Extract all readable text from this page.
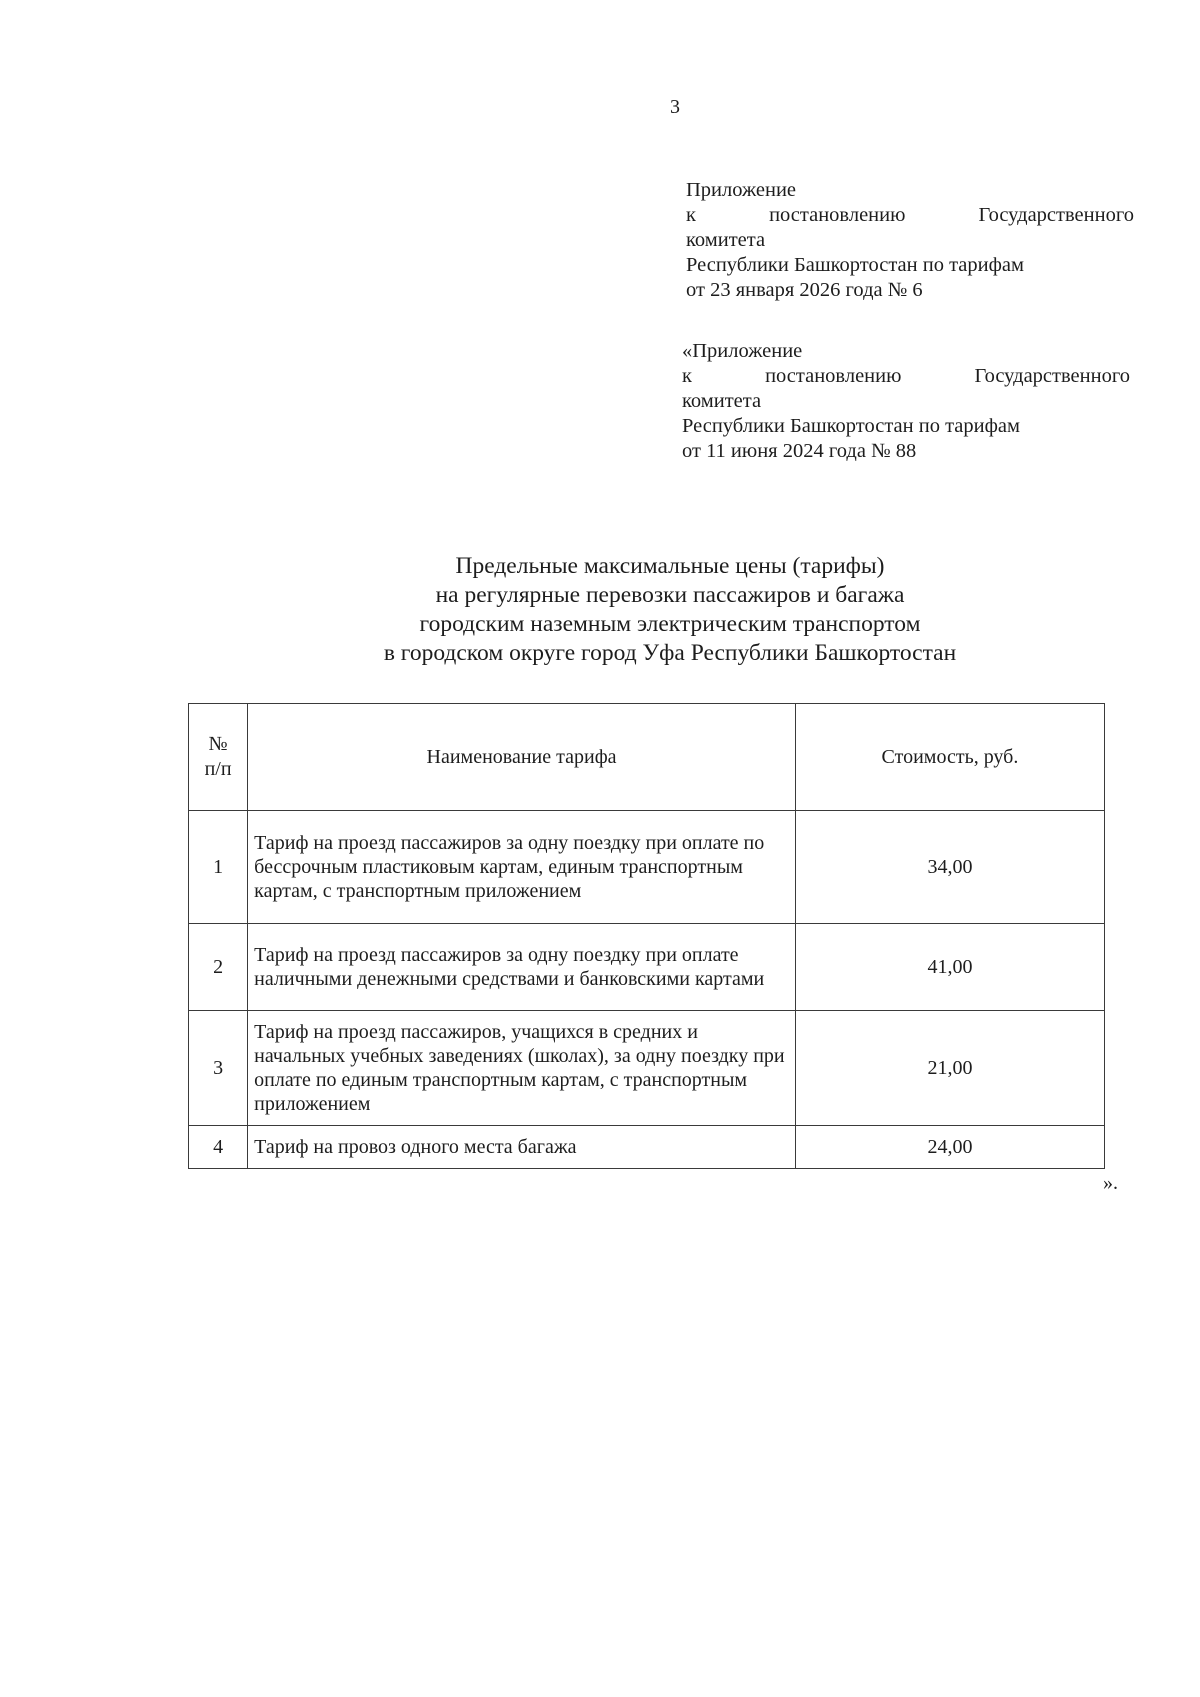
3
Приложение
к	постановлению	Государственного
комитета
Республики Башкортостан по тарифам
от 23 января 2026 года № 6
«Приложение
к	постановлению	Государственного
комитета
Республики Башкортостан по тарифам
от 11 июня 2024 года № 88
Предельные максимальные цены (тарифы)
на регулярные перевозки пассажиров и багажа
городским наземным электрическим транспортом
в городском округе город Уфа Республики Башкортостан
№
п/п	Наименование тарифа	Стоимость, руб.
1	Тариф на проезд пассажиров за одну поездку при оплате по бессрочным пластиковым картам, единым транспортным картам, с транспортным приложением	34,00
2	Тариф на проезд пассажиров за одну поездку при оплате наличными денежными средствами и банковскими картами	41,00
3	Тариф на проезд пассажиров, учащихся в средних и начальных учебных заведениях (школах), за одну поездку при оплате по единым транспортным картам, с транспортным приложением	21,00
4	Тариф на провоз одного места багажа	24,00
».
